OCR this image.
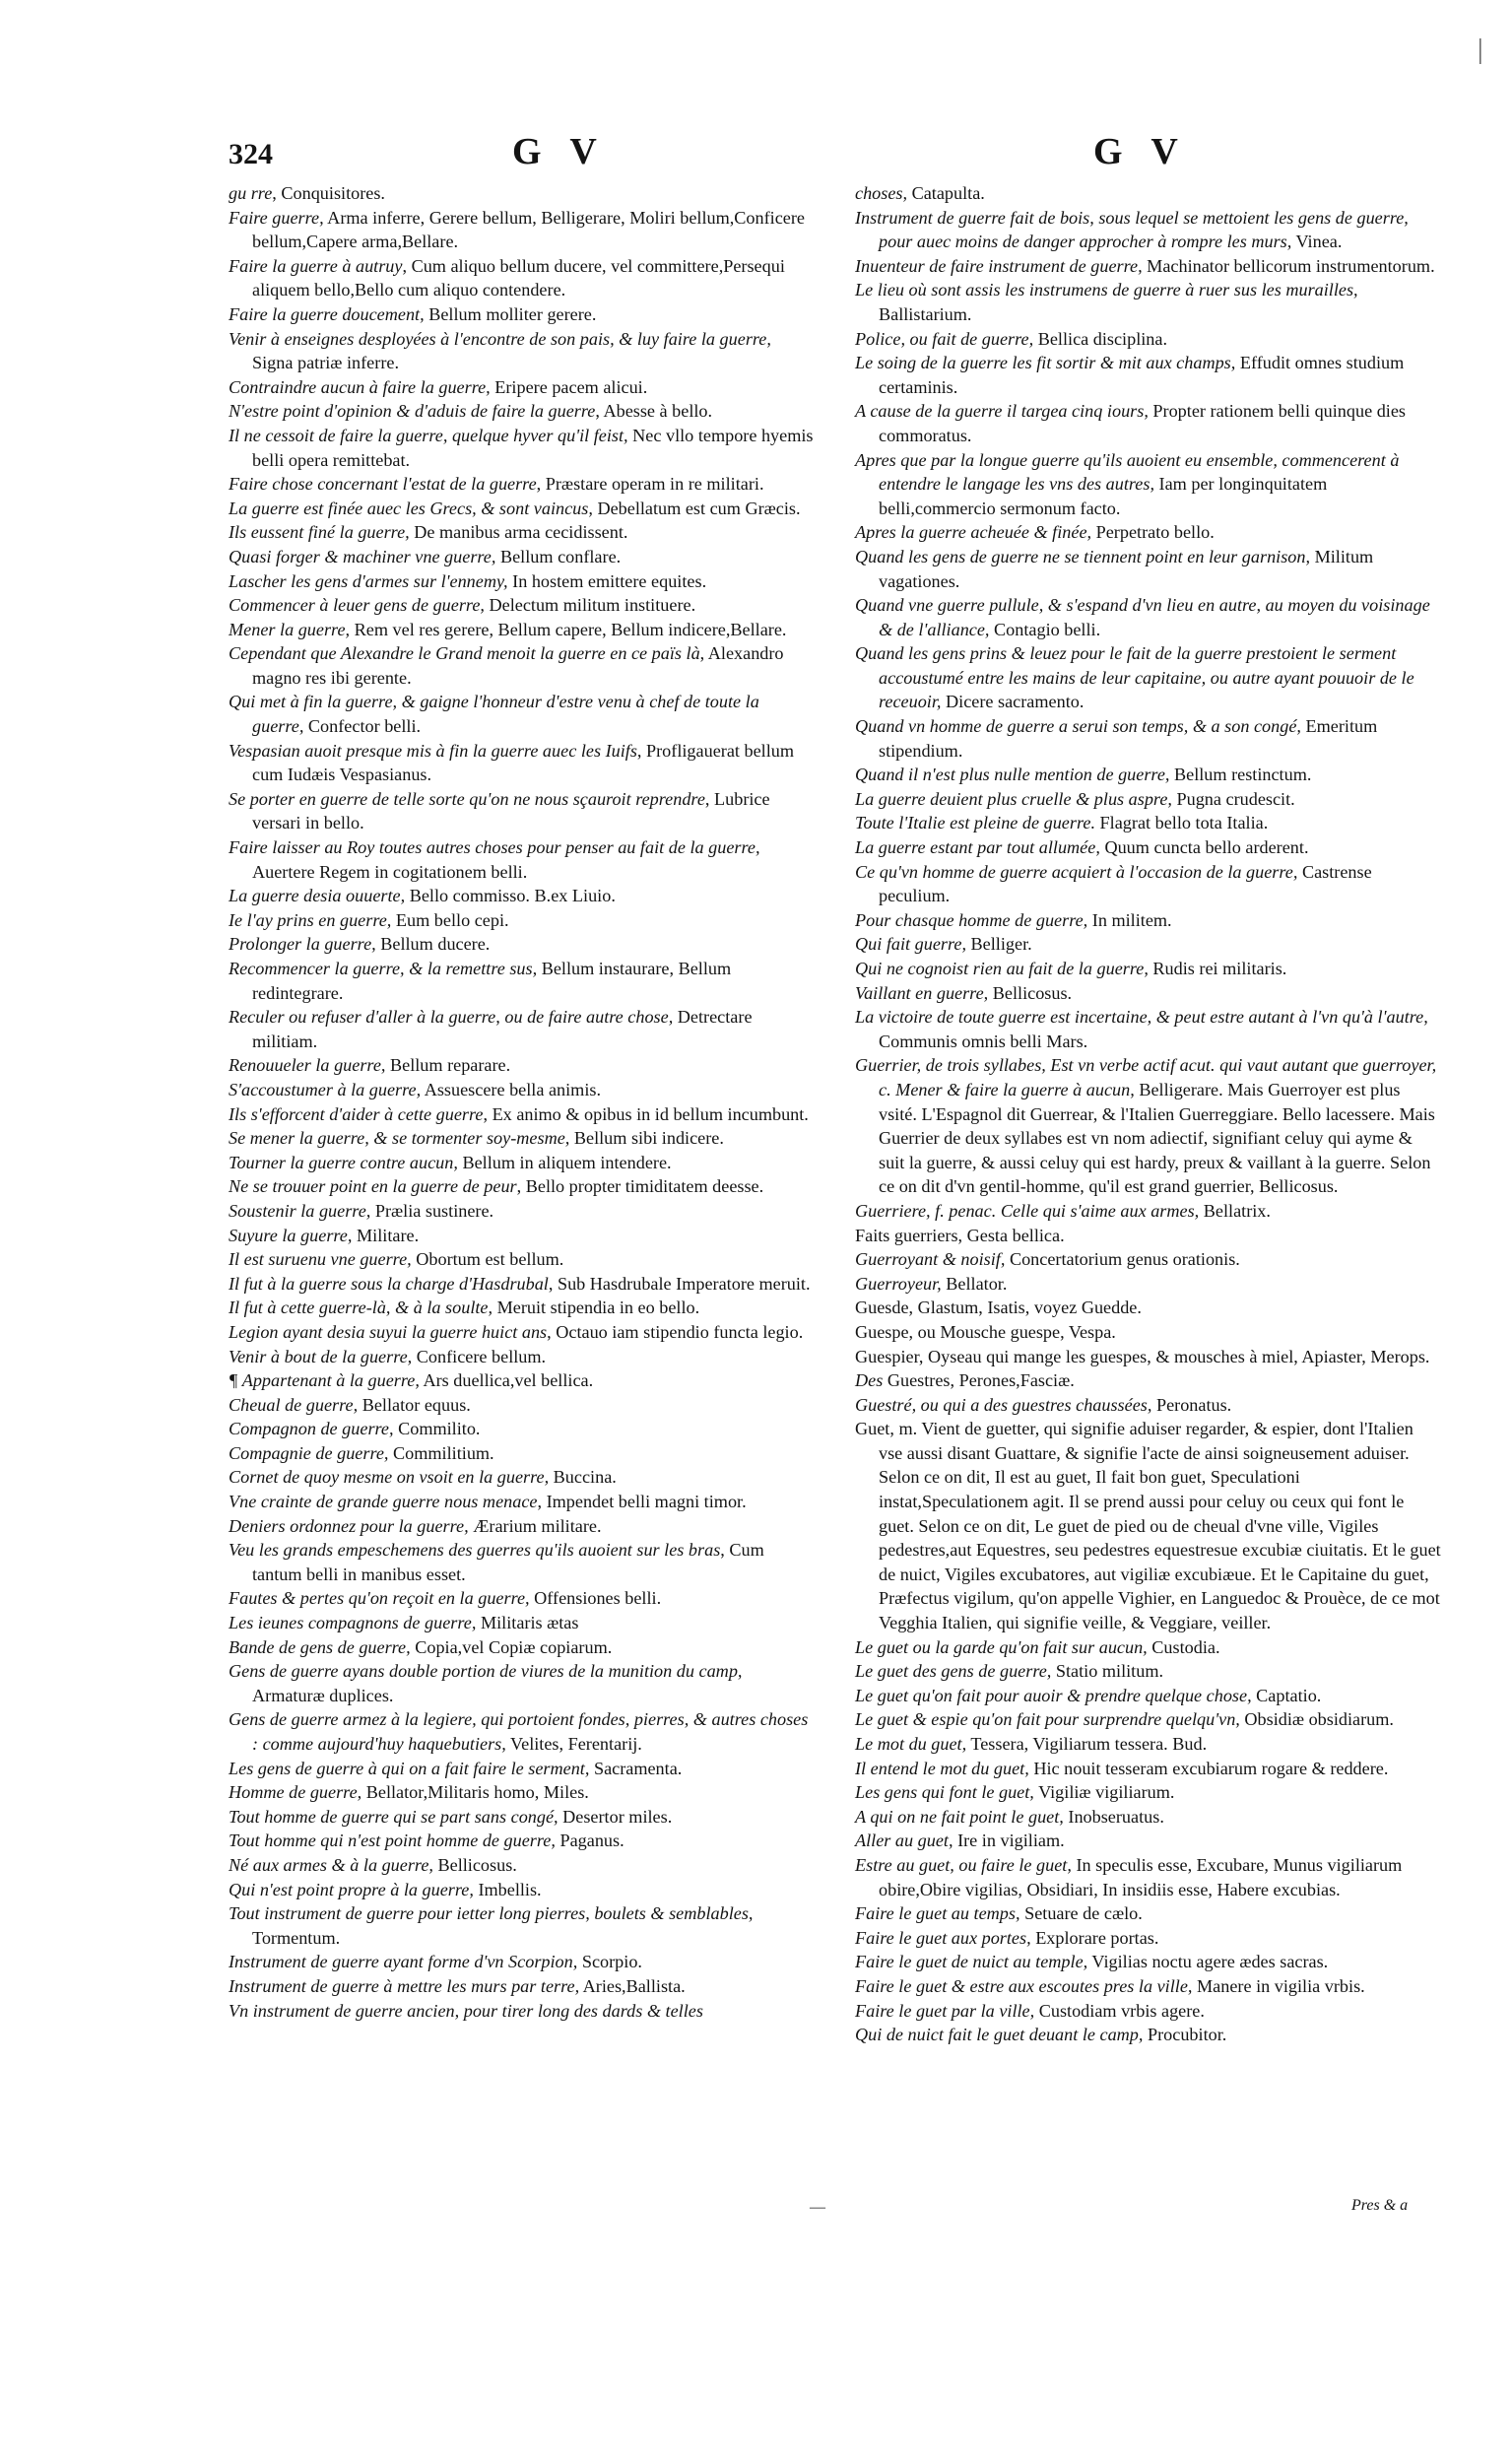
|
324	G V	G V

gu rre, Conquisitores.

Faire guerre, Arma inferre, Gerere bellum, Belligerare, Moliri bellum,Conficere bellum,Capere arma,Bellare.

Faire la guerre à autruy, Cum aliquo bellum ducere, vel committere,Persequi aliquem bello,Bello cum aliquo contendere.

Faire la guerre doucement, Bellum molliter gerere.

Venir à enseignes desployées à l'encontre de son pais, & luy faire la guerre, Signa patriæ inferre.

Contraindre aucun à faire la guerre, Eripere pacem alicui.

N'estre point d'opinion & d'aduis de faire la guerre, Abesse à bello.

Il ne cessoit de faire la guerre, quelque hyver qu'il feist, Nec vllo tempore hyemis belli opera remittebat.

Faire chose concernant l'estat de la guerre, Præstare operam in re militari.

La guerre est finée auec les Grecs, & sont vaincus, Debellatum est cum Græcis.

Ils eussent finé la guerre, De manibus arma cecidissent.

Quasi forger & machiner vne guerre, Bellum conflare.

Lascher les gens d'armes sur l'ennemy, In hostem emittere equites.

Commencer à leuer gens de guerre, Delectum militum instituere.

Mener la guerre, Rem vel res gerere, Bellum capere, Bellum indicere,Bellare.

Cependant que Alexandre le Grand menoit la guerre en ce païs là, Alexandro magno res ibi gerente.

Qui met à fin la guerre, & gaigne l'honneur d'estre venu à chef de toute la guerre, Confector belli.

Vespasian auoit presque mis à fin la guerre auec les Iuifs, Profligauerat bellum cum Iudæis Vespasianus.

Se porter en guerre de telle sorte qu'on ne nous sçauroit reprendre, Lubrice versari in bello.

Faire laisser au Roy toutes autres choses pour penser au fait de la guerre, Auertere Regem in cogitationem belli.

La guerre desia ouuerte, Bello commisso. B.ex Liuio.

Ie l'ay prins en guerre, Eum bello cepi.

Prolonger la guerre, Bellum ducere.

Recommencer la guerre, & la remettre sus, Bellum instaurare, Bellum redintegrare.

Reculer ou refuser d'aller à la guerre, ou de faire autre chose, Detrectare militiam.

Renouueler la guerre, Bellum reparare.

S'accoustumer à la guerre, Assuescere bella animis.

Ils s'efforcent d'aider à cette guerre, Ex animo & opibus in id bellum incumbunt.

Se mener la guerre, & se tormenter soy-mesme, Bellum sibi indicere.

Tourner la guerre contre aucun, Bellum in aliquem intendere.

Ne se trouuer point en la guerre de peur, Bello propter timiditatem deesse.

Soustenir la guerre, Prælia sustinere.

Suyure la guerre, Militare.

Il est suruenu vne guerre, Obortum est bellum.

Il fut à la guerre sous la charge d'Hasdrubal, Sub Hasdrubale Imperatore meruit.

Il fut à cette guerre-là, & à la soulte, Meruit stipendia in eo bello.

Legion ayant desia suyui la guerre huict ans, Octauo iam stipendio functa legio.

Venir à bout de la guerre, Conficere bellum.

¶ Appartenant à la guerre, Ars duellica,vel bellica.

Cheual de guerre, Bellator equus.

Compagnon de guerre, Commilito.

Compagnie de guerre, Commilitium.

Cornet de quoy mesme on vsoit en la guerre, Buccina.

Vne crainte de grande guerre nous menace, Impendet belli magni timor.

Deniers ordonnez pour la guerre, Ærarium militare.

Veu les grands empeschemens des guerres qu'ils auoient sur les bras, Cum tantum belli in manibus esset.

Fautes & pertes qu'on reçoit en la guerre, Offensiones belli.

Les ieunes compagnons de guerre, Militaris ætas

Bande de gens de guerre, Copia,vel Copiæ copiarum.

Gens de guerre ayans double portion de viures de la munition du camp, Armaturæ duplices.

Gens de guerre armez à la legiere, qui portoient fondes, pierres, & autres choses : comme aujourd'huy haquebutiers, Velites, Ferentarij.

Les gens de guerre à qui on a fait faire le serment, Sacramenta.

Homme de guerre, Bellator,Militaris homo, Miles.

Tout homme de guerre qui se part sans congé, Desertor miles.

Tout homme qui n'est point homme de guerre, Paganus.

Né aux armes & à la guerre, Bellicosus.

Qui n'est point propre à la guerre, Imbellis.

Tout instrument de guerre pour ietter long pierres, boulets & semblables, Tormentum.

Instrument de guerre ayant forme d'vn Scorpion, Scorpio.

Instrument de guerre à mettre les murs par terre, Aries,Ballista.

Vn instrument de guerre ancien, pour tirer long des dards & telles

choses, Catapulta.

Instrument de guerre fait de bois, sous lequel se mettoient les gens de guerre, pour auec moins de danger approcher à rompre les murs, Vinea.

Inuenteur de faire instrument de guerre, Machinator bellicorum instrumentorum.

Le lieu où sont assis les instrumens de guerre à ruer sus les murailles, Ballistarium.

Police, ou fait de guerre, Bellica disciplina.

Le soing de la guerre les fit sortir & mit aux champs, Effudit omnes studium certaminis.

A cause de la guerre il targea cinq iours, Propter rationem belli quinque dies commoratus.

Apres que par la longue guerre qu'ils auoient eu ensemble, commencerent à entendre le langage les vns des autres, Iam per longinquitatem belli,commercio sermonum facto.

Apres la guerre acheuée & finée, Perpetrato bello.

Quand les gens de guerre ne se tiennent point en leur garnison, Militum vagationes.

Quand vne guerre pullule, & s'espand d'vn lieu en autre, au moyen du voisinage & de l'alliance, Contagio belli.

Quand les gens prins & leuez pour le fait de la guerre prestoient le serment accoustumé entre les mains de leur capitaine, ou autre ayant pouuoir de le receuoir, Dicere sacramento.

Quand vn homme de guerre a serui son temps, & a son congé, Emeritum stipendium.

Quand il n'est plus nulle mention de guerre, Bellum restinctum.

La guerre deuient plus cruelle & plus aspre, Pugna crudescit.

Toute l'Italie est pleine de guerre. Flagrat bello tota Italia.

La guerre estant par tout allumée, Quum cuncta bello arderent.

Ce qu'vn homme de guerre acquiert à l'occasion de la guerre, Castrense peculium.

Pour chasque homme de guerre, In militem.

Qui fait guerre, Belliger.

Qui ne cognoist rien au fait de la guerre, Rudis rei militaris.

Vaillant en guerre, Bellicosus.

La victoire de toute guerre est incertaine, & peut estre autant à l'vn qu'à l'autre, Communis omnis belli Mars.

Guerrier, de trois syllabes, Est vn verbe actif acut. qui vaut autant que guerroyer, c. Mener & faire la guerre à aucun, Belligerare. Mais Guerroyer est plus vsité. L'Espagnol dit Guerrear, & l'Italien Guerreggiare. Bello lacessere. Mais Guerrier de deux syllabes est vn nom adiectif, signifiant celuy qui ayme & suit la guerre, & aussi celuy qui est hardy, preux & vaillant à la guerre. Selon ce on dit d'vn gentil-homme, qu'il est grand guerrier, Bellicosus.

Guerriere, f. penac. Celle qui s'aime aux armes, Bellatrix.

Faits guerriers, Gesta bellica.

Guerroyant & noisif, Concertatorium genus orationis.

Guerroyeur, Bellator.

Guesde, Glastum, Isatis, voyez Guedde.

Guespe, ou Mousche guespe, Vespa.

Guespier, Oyseau qui mange les guespes, & mousches à miel, Apiaster, Merops.

Des Guestres, Perones,Fasciæ.

Guestré, ou qui a des guestres chaussées, Peronatus.

Guet, m. Vient de guetter, qui signifie aduiser regarder, & espier, dont l'Italien vse aussi disant Guattare, & signifie l'acte de ainsi soigneusement aduiser. Selon ce on dit, Il est au guet, Il fait bon guet, Speculationi instat,Speculationem agit. Il se prend aussi pour celuy ou ceux qui font le guet. Selon ce on dit, Le guet de pied ou de cheual d'vne ville, Vigiles pedestres,aut Equestres, seu pedestres equestresue excubiæ ciuitatis. Et le guet de nuict, Vigiles excubatores, aut vigiliæ excubiæue. Et le Capitaine du guet, Præfectus vigilum, qu'on appelle Vighier, en Languedoc & Prouèce, de ce mot Vegghia Italien, qui signifie veille, & Veggiare, veiller.

Le guet ou la garde qu'on fait sur aucun, Custodia.

Le guet des gens de guerre, Statio militum.

Le guet qu'on fait pour auoir & prendre quelque chose, Captatio.

Le guet & espie qu'on fait pour surprendre quelqu'vn, Obsidiæ obsidiarum.

Le mot du guet, Tessera, Vigiliarum tessera. Bud.

Il entend le mot du guet, Hic nouit tesseram excubiarum rogare & reddere.

Les gens qui font le guet, Vigiliæ vigiliarum.

A qui on ne fait point le guet, Inobseruatus.

Aller au guet, Ire in vigiliam.

Estre au guet, ou faire le guet, In speculis esse, Excubare, Munus vigiliarum obire,Obire vigilias, Obsidiari, In insidiis esse, Habere excubias.

Faire le guet au temps, Setuare de cælo.

Faire le guet aux portes, Explorare portas.

Faire le guet de nuict au temple, Vigilias noctu agere ædes sacras.

Faire le guet & estre aux escoutes pres la ville, Manere in vigilia vrbis.

Faire le guet par la ville, Custodiam vrbis agere.

Qui de nuict fait le guet deuant le camp, Procubitor.

—	Pres & a
